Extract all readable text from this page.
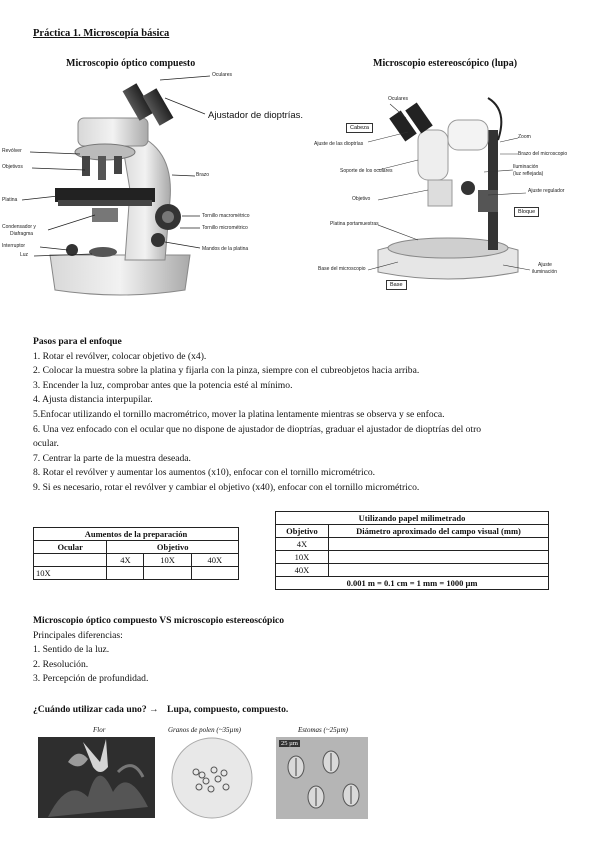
Práctica 1. Microscopía básica
Microscopio óptico compuesto	Microscopio estereoscópico (lupa)
Oculares
Revólver
Objetivos
Platina
Condensador y
Diafragma
Interruptor
Luz
Brazo
Tornillo macrométrico
Tornillo micrométrico
Mandos de la platina
Ajustador de dioptrías.
Oculares
Cabeza
Ajuste de las dioptrías
Soporte de los oculares
Objetivo
Platina portamuestras
Base del microscopio
Base
Zoom
Brazo del microscopio
Iluminación
(luz reflejada)
Ajuste regulador
Bloque
Ajuste
iluminación

Pasos para el enfoque

1. Rotar el revólver, colocar objetivo de (x4).

2. Colocar la muestra sobre la platina y fijarla con la pinza, siempre con el cubreobjetos hacia arriba.

3. Encender la luz, comprobar antes que la potencia esté al mínimo.

4. Ajusta distancia interpupilar.

5.Enfocar utilizando el tornillo macrométrico, mover la platina lentamente mientras se observa y se enfoca.

6. Una vez enfocado con el ocular que no dispone de ajustador de dioptrías, graduar el ajustador de dioptrías del otro

ocular.

7. Centrar la parte de la muestra deseada.

8. Rotar el revólver y aumentar los aumentos (x10), enfocar con el tornillo micrométrico.

9. Si es necesario, rotar el revólver y cambiar el objetivo (x40), enfocar con el tornillo micrométrico.

Aumentos de la preparación			
Ocular	Objetivo		
	4X	10X	40X
10X			
Utilizando papel milimetrado	
Objetivo	Diámetro aproximado del campo visual (mm)
4X	
10X	
40X	
0.001 m = 0.1 cm = 1 mm = 1000 µm	

Microscopio óptico compuesto VS microscopio estereoscópico

Principales diferencias:

1. Sentido de la luz.

2. Resolución.

3. Percepción de profundidad.

¿Cuándo utilizar cada uno? → Lupa, compuesto, compuesto.
Flor	Granos de polen (~35µm)	Estomas (~25µm)
25 µm
